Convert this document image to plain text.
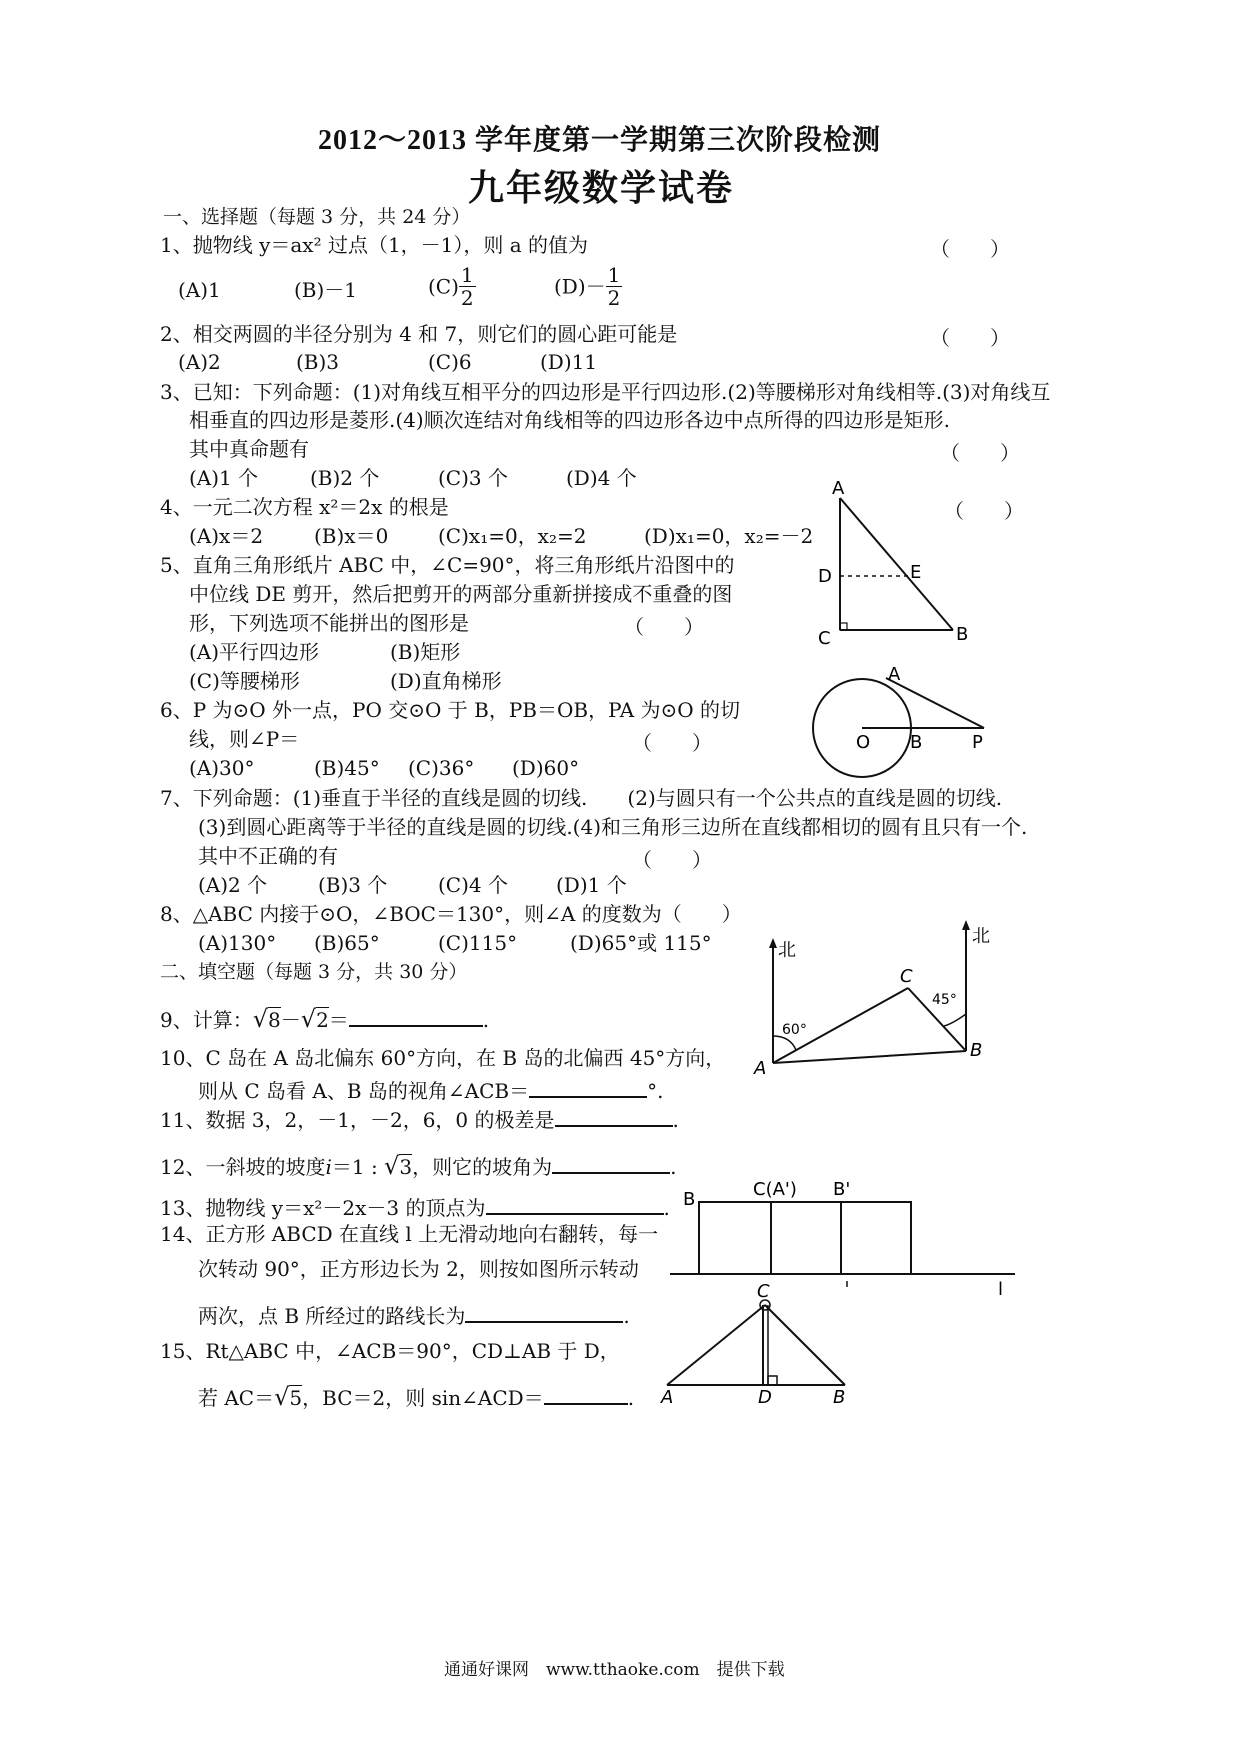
2012～2013 学年度第一学期第三次阶段检测
九年级数学试卷
一、选择题（每题 3 分，共 24 分）
1、抛物线 y＝ax² 过点（1，－1），则 a 的值为	（　　）
(A)1	(B)－1	$(C) \frac{1}{2}$	$(D)- \frac{1}{2}$
2、相交两圆的半径分别为 4 和 7，则它们的圆心距可能是	（　　）
(A)2	(B)3	(C)6	(D)11
3、已知：下列命题：(1)对角线互相平分的四边形是平行四边形.(2)等腰梯形对角线相等.(3)对角线互
相垂直的四边形是菱形.(4)顺次连结对角线相等的四边形各边中点所得的四边形是矩形.
其中真命题有	（　　）
(A)1 个	(B)2 个	(C)3 个	(D)4 个
4、一元二次方程 x²＝2x 的根是	（　　）
(A)x＝2	(B)x＝0 (C)x₁=0，x₂=2	(D)x₁=0，x₂=－2
5、直角三角形纸片 ABC 中，∠C=90°，将三角形纸片沿图中的
中位线 DE 剪开，然后把剪开的两部分重新拼接成不重叠的图
形，下列选项不能拼出的图形是	（　　）
(A)平行四边形	(B)矩形
(C)等腰梯形	(D)直角梯形
6、P 为⊙O 外一点，PO 交⊙O 于 B，PB＝OB，PA 为⊙O 的切
线，则∠P＝	（　　）
(A)30°	(B)45° (C)36° (D)60°
7、下列命题：(1)垂直于半径的直线是圆的切线.　　(2)与圆只有一个公共点的直线是圆的切线.
(3)到圆心距离等于半径的直线是圆的切线.(4)和三角形三边所在直线都相切的圆有且只有一个.
其中不正确的有	（　　）
(A)2 个	(B)3 个	(C)4 个 (D)1 个
8、△ABC 内接于⊙O，∠BOC＝130°，则∠A 的度数为（　　）
(A)130° (B)65°	(C)115°	(D)65°或 115°
二、填空题（每题 3 分，共 30 分）
9、计算：√8－√2＝	.
10、C 岛在 A 岛北偏东 60°方向，在 B 岛的北偏西 45°方向，
则从 C 岛看 A、B 岛的视角∠ACB＝	°.
11、数据 3，2，－1，－2，6，0 的极差是	.
12、一斜坡的坡度i＝1 : √3，则它的坡角为	.
13、抛物线 y＝x²－2x－3 的顶点为	.
14、正方形 ABCD 在直线 l 上无滑动地向右翻转，每一
次转动 90°，正方形边长为 2，则按如图所示转动
两次，点 B 所经过的路线长为	.
15、Rt△ABC 中，∠ACB＝90°，CD⊥AB 于 D，
若 AC＝√5，BC＝2，则 sin∠ACD＝	.
A
D	E
C	B
A
O B	P
北
北
60°
45°
A
B
C
B	C(A') B'
l
C
A	D	B
通通好课网　www.tthaoke.com　提供下载
